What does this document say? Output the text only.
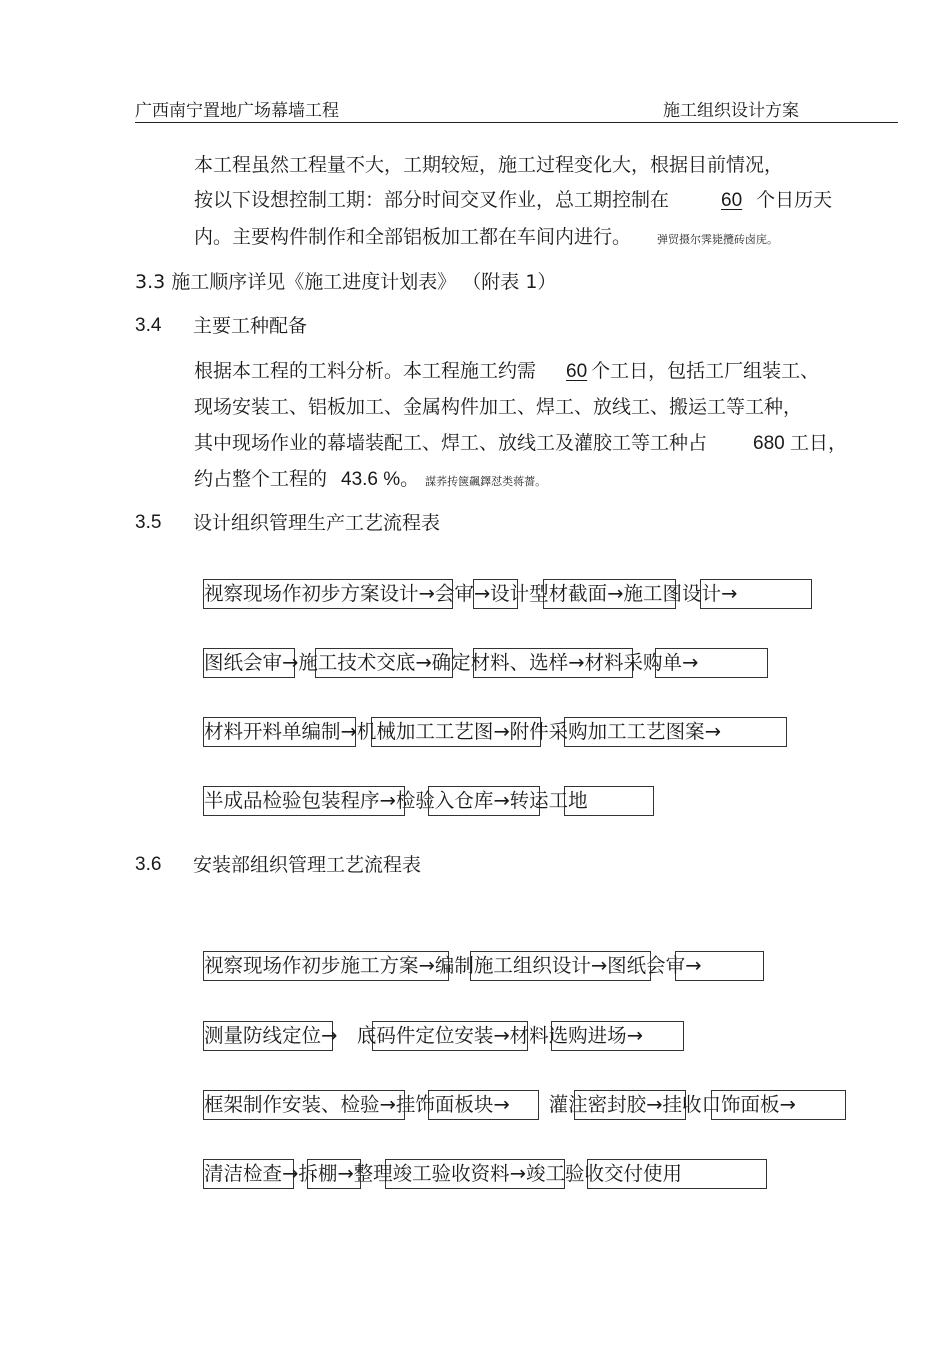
广西南宁置地广场幕墙工程	施工组织设计方案
本工程虽然工程量不大，工期较短，施工过程变化大，根据目前情况，
按以下设想控制工期：部分时间交叉作业，总工期控制在	60 个日历天
内。主要构件制作和全部铝板加工都在车间内进行。 弹贸摄尔霁毙攬砖卤庑。
3.3 施工顺序详见《施工进度计划表》 （附表 1）
3.4 主要工种配备
根据本工程的工料分析。本工程施工约需 60 个工日，包括工厂组装工、
现场安装工、铝板加工、金属构件加工、焊工、放线工、搬运工等工种，
其中现场作业的幕墙装配工、焊工、放线工及灌胶工等工种占 680 工日，
约占整个工程的 43.6 %。 謀荞抟箧飆鐸怼类蒋薔。
3.5 设计组织管理生产工艺流程表
视察现场作初步方案设计→会审→设计型材截面→施工图设计→
图纸会审→施工技术交底→确定材料、选样→材料采购单→
材料开料单编制→机械加工工艺图→附件采购加工工艺图案→
半成品检验包装程序→检验入仓库→转运工地
3.6 安装部组织管理工艺流程表
视察现场作初步施工方案→编制施工组织设计→图纸会审→
测量防线定位→　底码件定位安装→材料选购进场→
框架制作安装、检验→挂饰面板块→　　灌注密封胶→挂收口饰面板→
清洁检查→拆棚→整理竣工验收资料→竣工验收交付使用
